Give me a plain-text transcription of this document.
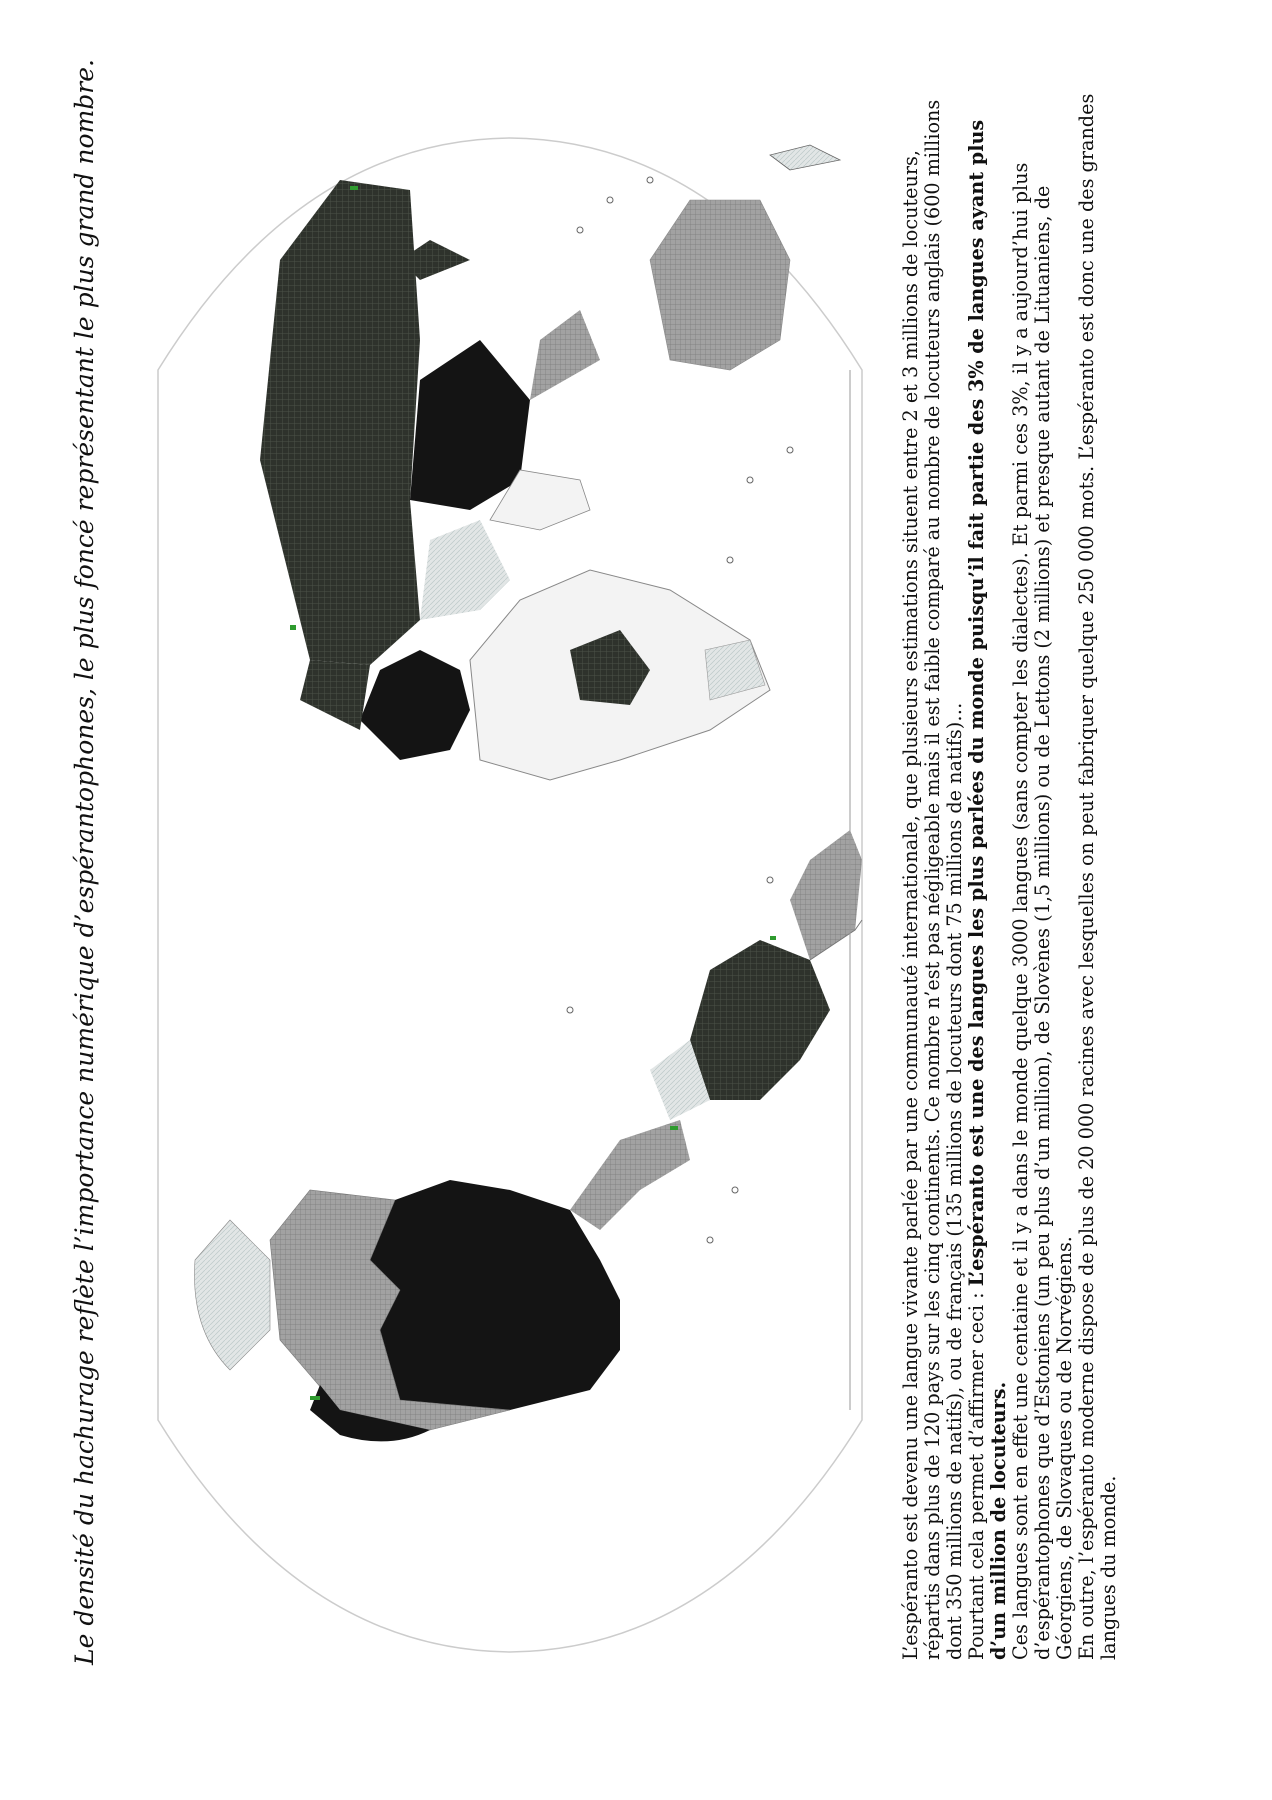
Le densité du hachurage reflète l’importance numérique d’espérantophones, le plus foncé représentant le plus grand nombre.	L’espéranto est devenu une langue vivante parlée par une communauté internationale, que plusieurs estimations situent entre 2 et 3 millions de locuteurs, répartis dans plus de 120 pays sur les cinq continents. Ce nombre n’est pas négligeable mais il est faible comparé au nombre de locuteurs anglais (600 millions dont 350 millions de natifs), ou de français (135 millions de locuteurs dont 75 millions de natifs)… Pourtant cela permet d’affirmer ceci : L’espéranto est une des langues les plus parlées du monde puisqu’il fait partie des 3% de langues ayant plus d’un million de locuteurs. Ces langues sont en effet une centaine et il y a dans le monde quelque 3000 langues (sans compter les dialectes). Et parmi ces 3%, il y a aujourd’hui plus d’espérantophones que d’Estoniens (un peu plus d’un million), de Slovènes (1,5 millions) ou de Lettons (2 millions) et presque autant de Lituaniens, de Géorgiens, de Slovaques ou de Norvégiens. En outre, l’espéranto moderne dispose de plus de 20 000 racines avec lesquelles on peut fabriquer quelque 250 000 mots. L’espéranto est donc une des grandes langues du monde.
